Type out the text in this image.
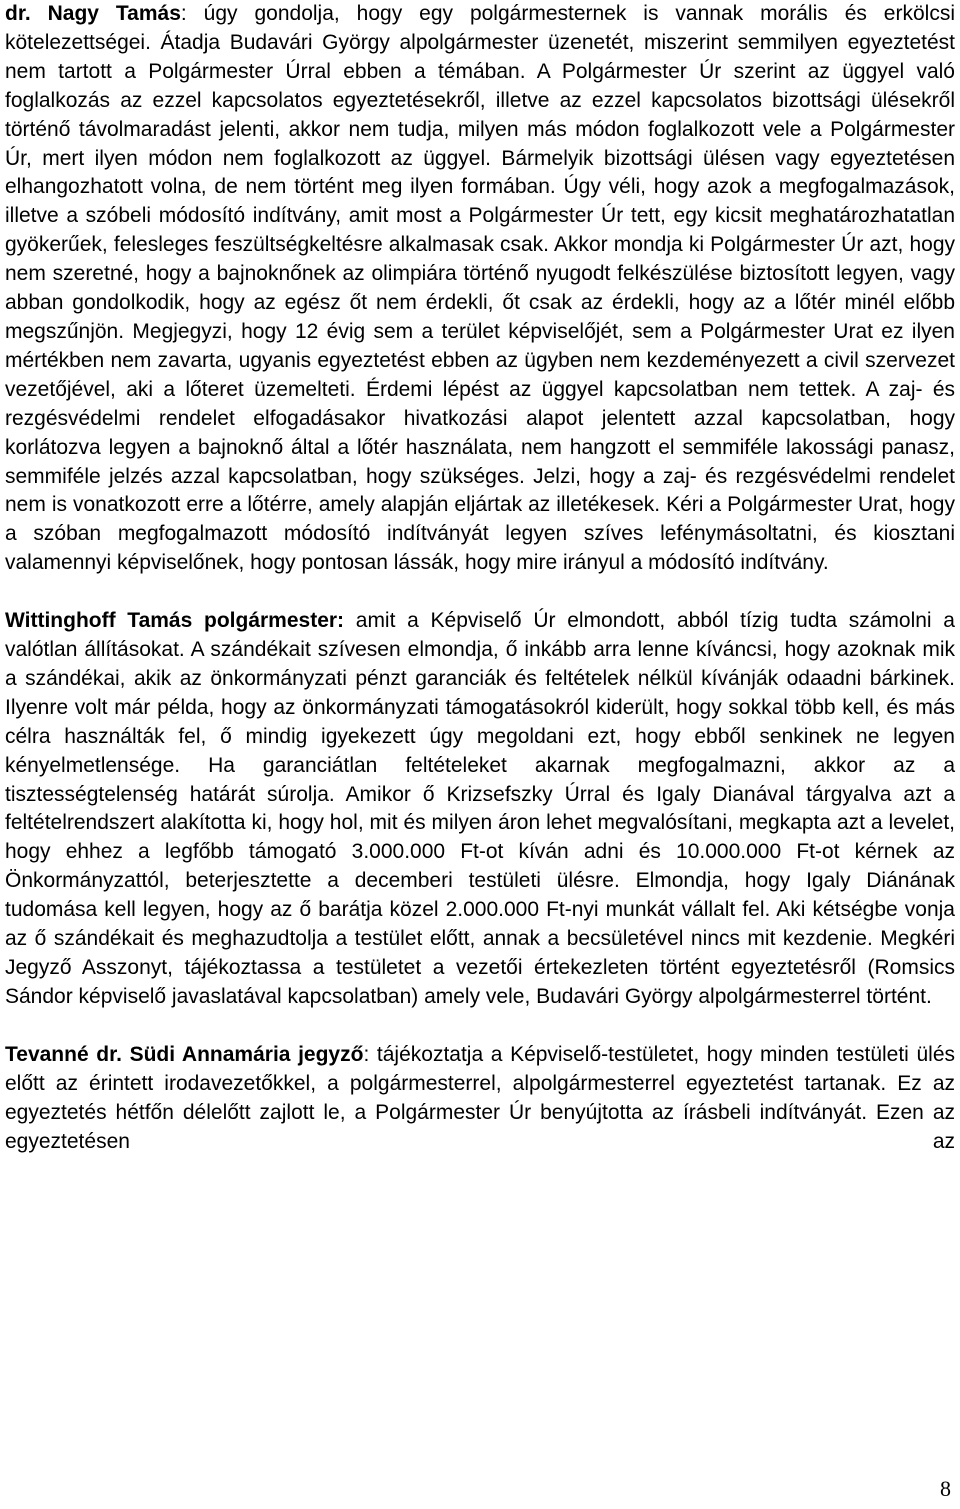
dr. Nagy Tamás: úgy gondolja, hogy egy polgármesternek is vannak morális és erkölcsi kötelezettségei. Átadja Budavári György alpolgármester üzenetét, miszerint semmilyen egyeztetést nem tartott a Polgármester Úrral ebben a témában. A Polgármester Úr szerint az üggyel való foglalkozás az ezzel kapcsolatos egyeztetésekről, illetve az ezzel kapcsolatos bizottsági ülésekről történő távolmaradást jelenti, akkor nem tudja, milyen más módon foglalkozott vele a Polgármester Úr, mert ilyen módon nem foglalkozott az üggyel. Bármelyik bizottsági ülésen vagy egyeztetésen elhangozhatott volna, de nem történt meg ilyen formában. Úgy véli, hogy azok a megfogalmazások, illetve a szóbeli módosító indítvány, amit most a Polgármester Úr tett, egy kicsit meghatározhatatlan gyökerűek, felesleges feszültségkeltésre alkalmasak csak. Akkor mondja ki Polgármester Úr azt, hogy nem szeretné, hogy a bajnoknőnek az olimpiára történő nyugodt felkészülése biztosított legyen, vagy abban gondolkodik, hogy az egész őt nem érdekli, őt csak az érdekli, hogy az a lőtér minél előbb megszűnjön. Megjegyzi, hogy 12 évig sem a terület képviselőjét, sem a Polgármester Urat ez ilyen mértékben nem zavarta, ugyanis egyeztetést ebben az ügyben nem kezdeményezett a civil szervezet vezetőjével, aki a lőteret üzemelteti. Érdemi lépést az üggyel kapcsolatban nem tettek. A zaj- és rezgésvédelmi rendelet elfogadásakor hivatkozási alapot jelentett azzal kapcsolatban, hogy korlátozva legyen a bajnoknő által a lőtér használata, nem hangzott el semmiféle lakossági panasz, semmiféle jelzés azzal kapcsolatban, hogy szükséges. Jelzi, hogy a zaj- és rezgésvédelmi rendelet nem is vonatkozott erre a lőtérre, amely alapján eljártak az illetékesek. Kéri a Polgármester Urat, hogy a szóban megfogalmazott módosító indítványát legyen szíves lefénymásoltatni, és kiosztani valamennyi képviselőnek, hogy pontosan lássák, hogy mire irányul a módosító indítvány.

Wittinghoff Tamás polgármester: amit a Képviselő Úr elmondott, abból tízig tudta számolni a valótlan állításokat. A szándékait szívesen elmondja, ő inkább arra lenne kíváncsi, hogy azoknak mik a szándékai, akik az önkormányzati pénzt garanciák és feltételek nélkül kívánják odaadni bárkinek. Ilyenre volt már példa, hogy az önkormányzati támogatásokról kiderült, hogy sokkal több kell, és más célra használták fel, ő mindig igyekezett úgy megoldani ezt, hogy ebből senkinek ne legyen kényelmetlensége. Ha garanciátlan feltételeket akarnak megfogalmazni, akkor az a tisztességtelenség határát súrolja. Amikor ő Krizsefszky Úrral és Igaly Dianával tárgyalva azt a feltételrendszert alakította ki, hogy hol, mit és milyen áron lehet megvalósítani, megkapta azt a levelet, hogy ehhez a legfőbb támogató 3.000.000 Ft-ot kíván adni és 10.000.000 Ft-ot kérnek az Önkormányzattól, beterjesztette a decemberi testületi ülésre. Elmondja, hogy Igaly Diánának tudomása kell legyen, hogy az ő barátja közel 2.000.000 Ft-nyi munkát vállalt fel. Aki kétségbe vonja az ő szándékait és meghazudtolja a testület előtt, annak a becsületével nincs mit kezdenie. Megkéri Jegyző Asszonyt, tájékoztassa a testületet a vezetői értekezleten történt egyeztetésről (Romsics Sándor képviselő javaslatával kapcsolatban) amely vele, Budavári György alpolgármesterrel történt.

Tevanné dr. Südi Annamária jegyző: tájékoztatja a Képviselő-testületet, hogy minden testületi ülés előtt az érintett irodavezetőkkel, a polgármesterrel, alpolgármesterrel egyeztetést tartanak. Ez az egyeztetés hétfőn délelőtt zajlott le, a Polgármester Úr benyújtotta az írásbeli indítványát. Ezen az egyeztetésen az

8
